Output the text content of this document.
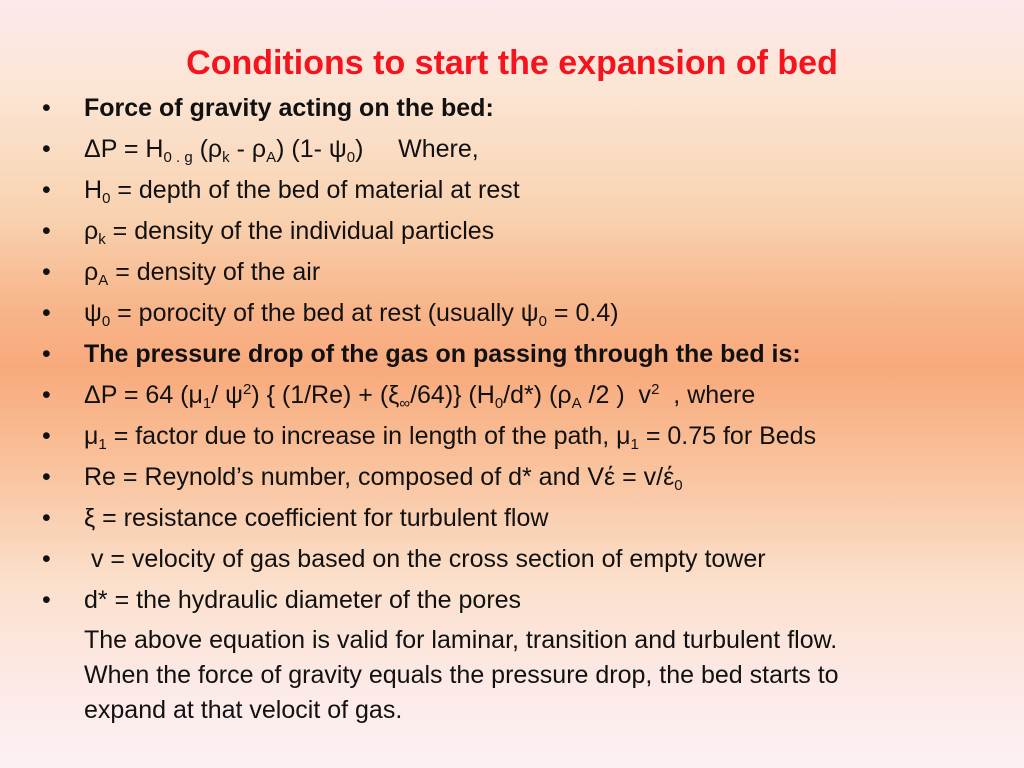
Conditions to start the expansion of bed
• Force of gravity acting on the bed:
• $\Delta P = H_{0 . g}$ $(\rho_k - \rho_A)$ (1- $\psi_0$)     Where,
• $H_0$ = depth of the bed of material at rest
• $\rho_k$ = density of the individual particles
• $\rho_A$ = density of the air
• $\psi_0$ = porocity of the bed at rest (usually $\psi_0 = 0.4$)
• The pressure drop of the gas on passing through the bed is:
• ΔP = 64 ($\mu_1/$ $\psi^2$) { $(1/Re) + (\xi_\infty/64)$} $(H_0/d*)$ ($\rho_A$ /2 )  $v^2$  , where
• $\mu_1$ = factor due to increase in length of the path, $\mu_1 = 0.75$ for Beds
• Re = Reynold’s number, composed of d* and $Vέ = v/έ_0$
• ξ = resistance coefficient for turbulent flow
• v = velocity of gas based on the cross section of empty tower
• d* = the hydraulic diameter of the pores

The above equation is valid for laminar, transition and turbulent flow.
When the force of gravity equals the pressure drop, the bed starts to
expand at that velocit of gas.
